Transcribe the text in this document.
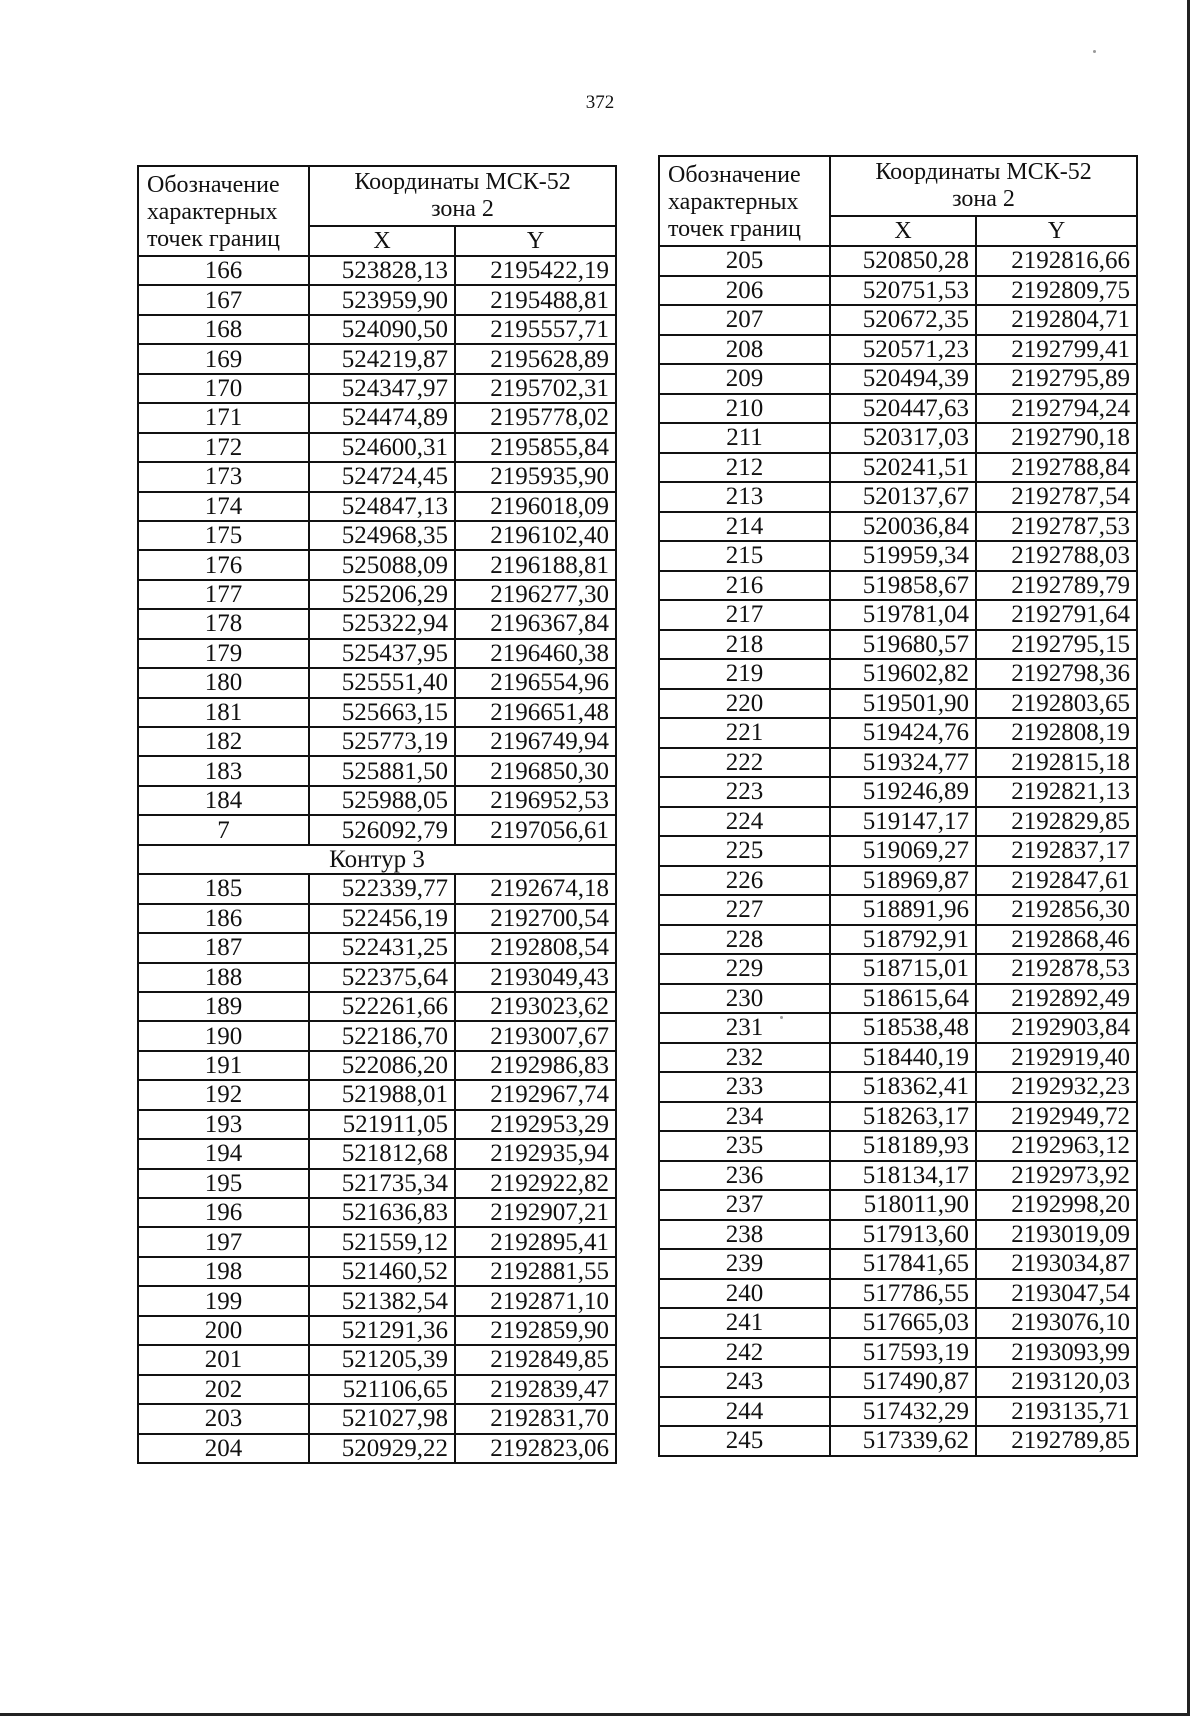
372
Обозначение
характерных
точек границ	Координаты МСК-52
зона 2	
	X	Y
166	523828,13	2195422,19
167	523959,90	2195488,81
168	524090,50	2195557,71
169	524219,87	2195628,89
170	524347,97	2195702,31
171	524474,89	2195778,02
172	524600,31	2195855,84
173	524724,45	2195935,90
174	524847,13	2196018,09
175	524968,35	2196102,40
176	525088,09	2196188,81
177	525206,29	2196277,30
178	525322,94	2196367,84
179	525437,95	2196460,38
180	525551,40	2196554,96
181	525663,15	2196651,48
182	525773,19	2196749,94
183	525881,50	2196850,30
184	525988,05	2196952,53
7	526092,79	2197056,61
Контур 3		
185	522339,77	2192674,18
186	522456,19	2192700,54
187	522431,25	2192808,54
188	522375,64	2193049,43
189	522261,66	2193023,62
190	522186,70	2193007,67
191	522086,20	2192986,83
192	521988,01	2192967,74
193	521911,05	2192953,29
194	521812,68	2192935,94
195	521735,34	2192922,82
196	521636,83	2192907,21
197	521559,12	2192895,41
198	521460,52	2192881,55
199	521382,54	2192871,10
200	521291,36	2192859,90
201	521205,39	2192849,85
202	521106,65	2192839,47
203	521027,98	2192831,70
204	520929,22	2192823,06
Обозначение
характерных
точек границ	Координаты МСК-52
зона 2	
	X	Y
205	520850,28	2192816,66
206	520751,53	2192809,75
207	520672,35	2192804,71
208	520571,23	2192799,41
209	520494,39	2192795,89
210	520447,63	2192794,24
211	520317,03	2192790,18
212	520241,51	2192788,84
213	520137,67	2192787,54
214	520036,84	2192787,53
215	519959,34	2192788,03
216	519858,67	2192789,79
217	519781,04	2192791,64
218	519680,57	2192795,15
219	519602,82	2192798,36
220	519501,90	2192803,65
221	519424,76	2192808,19
222	519324,77	2192815,18
223	519246,89	2192821,13
224	519147,17	2192829,85
225	519069,27	2192837,17
226	518969,87	2192847,61
227	518891,96	2192856,30
228	518792,91	2192868,46
229	518715,01	2192878,53
230	518615,64	2192892,49
231	518538,48	2192903,84
232	518440,19	2192919,40
233	518362,41	2192932,23
234	518263,17	2192949,72
235	518189,93	2192963,12
236	518134,17	2192973,92
237	518011,90	2192998,20
238	517913,60	2193019,09
239	517841,65	2193034,87
240	517786,55	2193047,54
241	517665,03	2193076,10
242	517593,19	2193093,99
243	517490,87	2193120,03
244	517432,29	2193135,71
245	517339,62	2192789,85
